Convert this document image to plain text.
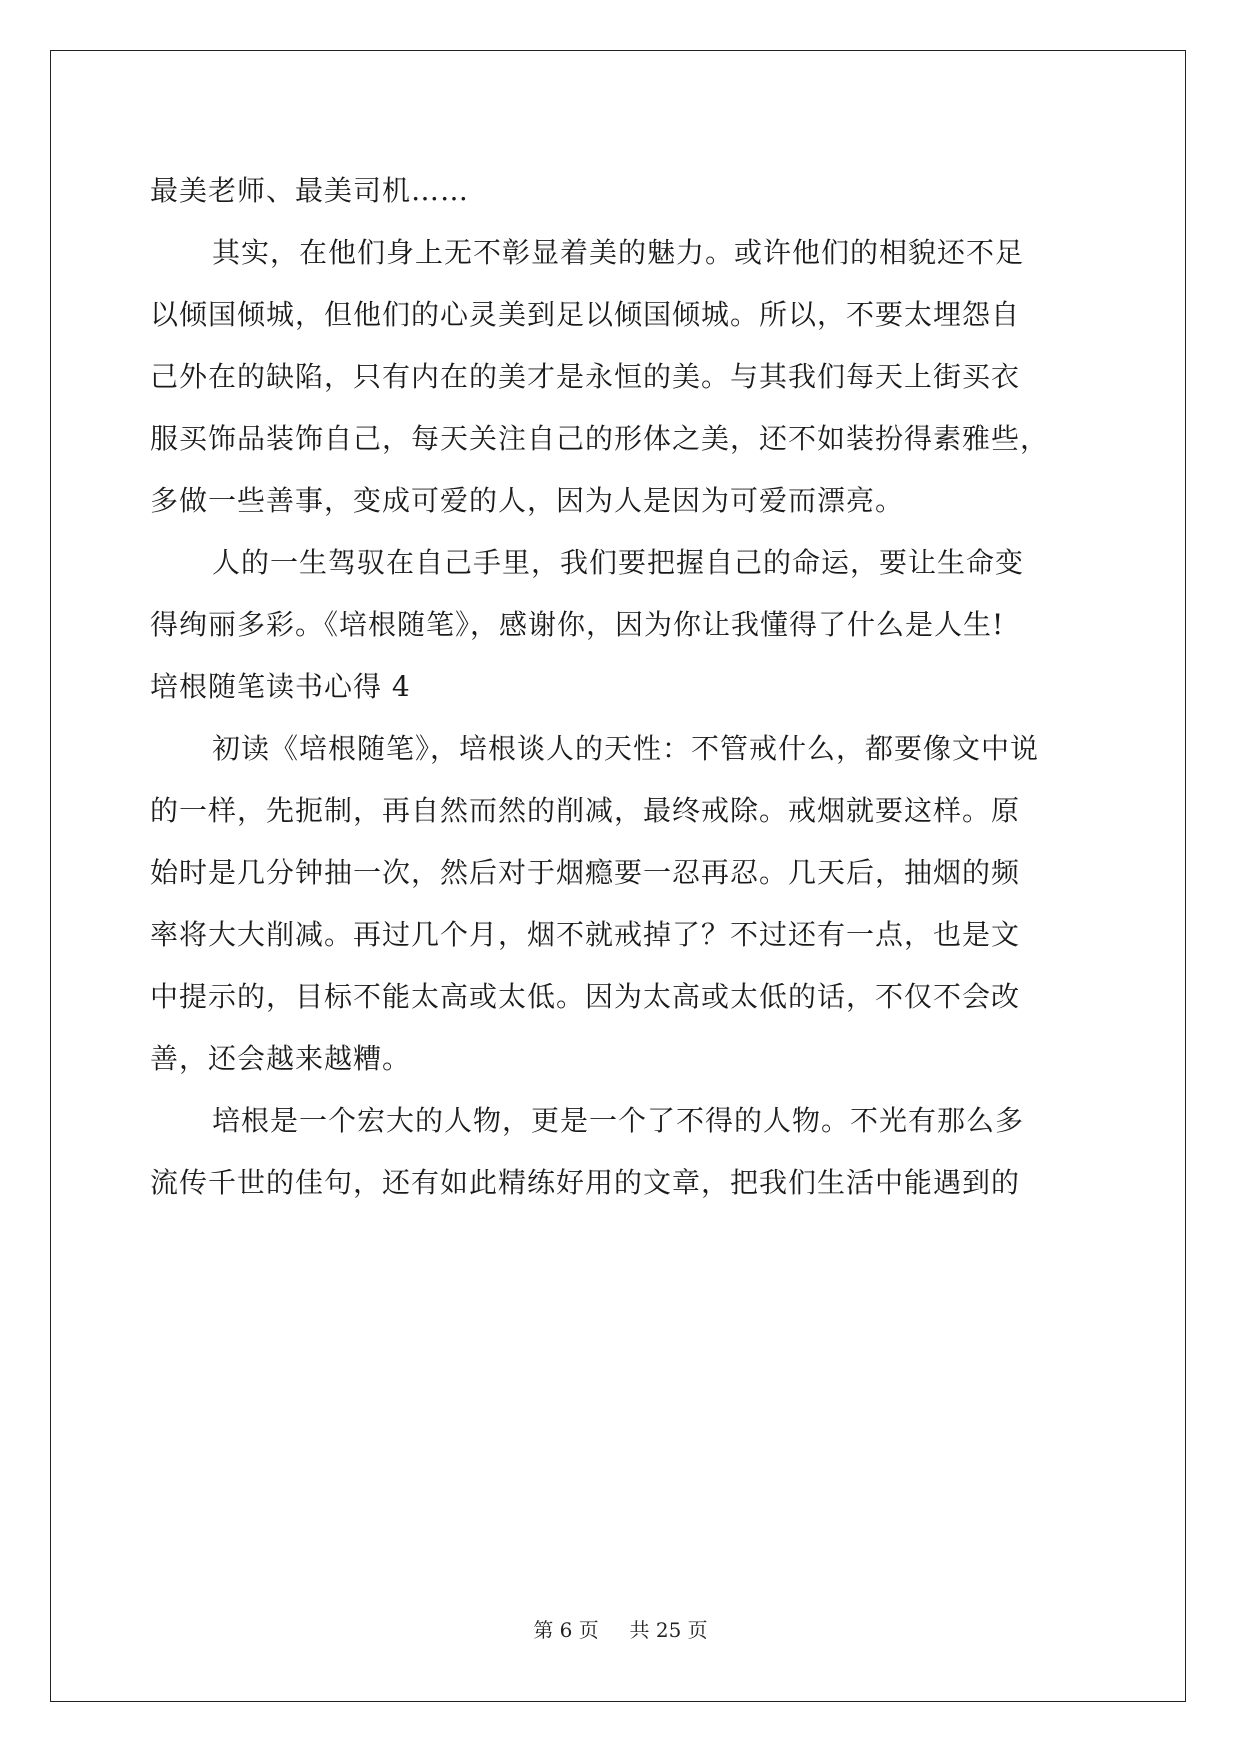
最美老师、最美司机……
其实，在他们身上无不彰显着美的魅力。或许他们的相貌还不足
以倾国倾城，但他们的心灵美到足以倾国倾城。所以，不要太埋怨自
己外在的缺陷，只有内在的美才是永恒的美。与其我们每天上街买衣
服买饰品装饰自己，每天关注自己的形体之美，还不如装扮得素雅些，
多做一些善事，变成可爱的人，因为人是因为可爱而漂亮。
人的一生驾驭在自己手里，我们要把握自己的命运，要让生命变
得绚丽多彩。《培根随笔》，感谢你，因为你让我懂得了什么是人生!
培根随笔读书心得 4
初读《培根随笔》，培根谈人的天性：不管戒什么，都要像文中说
的一样，先扼制，再自然而然的削减，最终戒除。戒烟就要这样。原
始时是几分钟抽一次，然后对于烟瘾要一忍再忍。几天后，抽烟的频
率将大大削减。再过几个月，烟不就戒掉了？不过还有一点，也是文
中提示的，目标不能太高或太低。因为太高或太低的话，不仅不会改
善，还会越来越糟。
培根是一个宏大的人物，更是一个了不得的人物。不光有那么多
流传千世的佳句，还有如此精练好用的文章，把我们生活中能遇到的
第 6 页 共 25 页
